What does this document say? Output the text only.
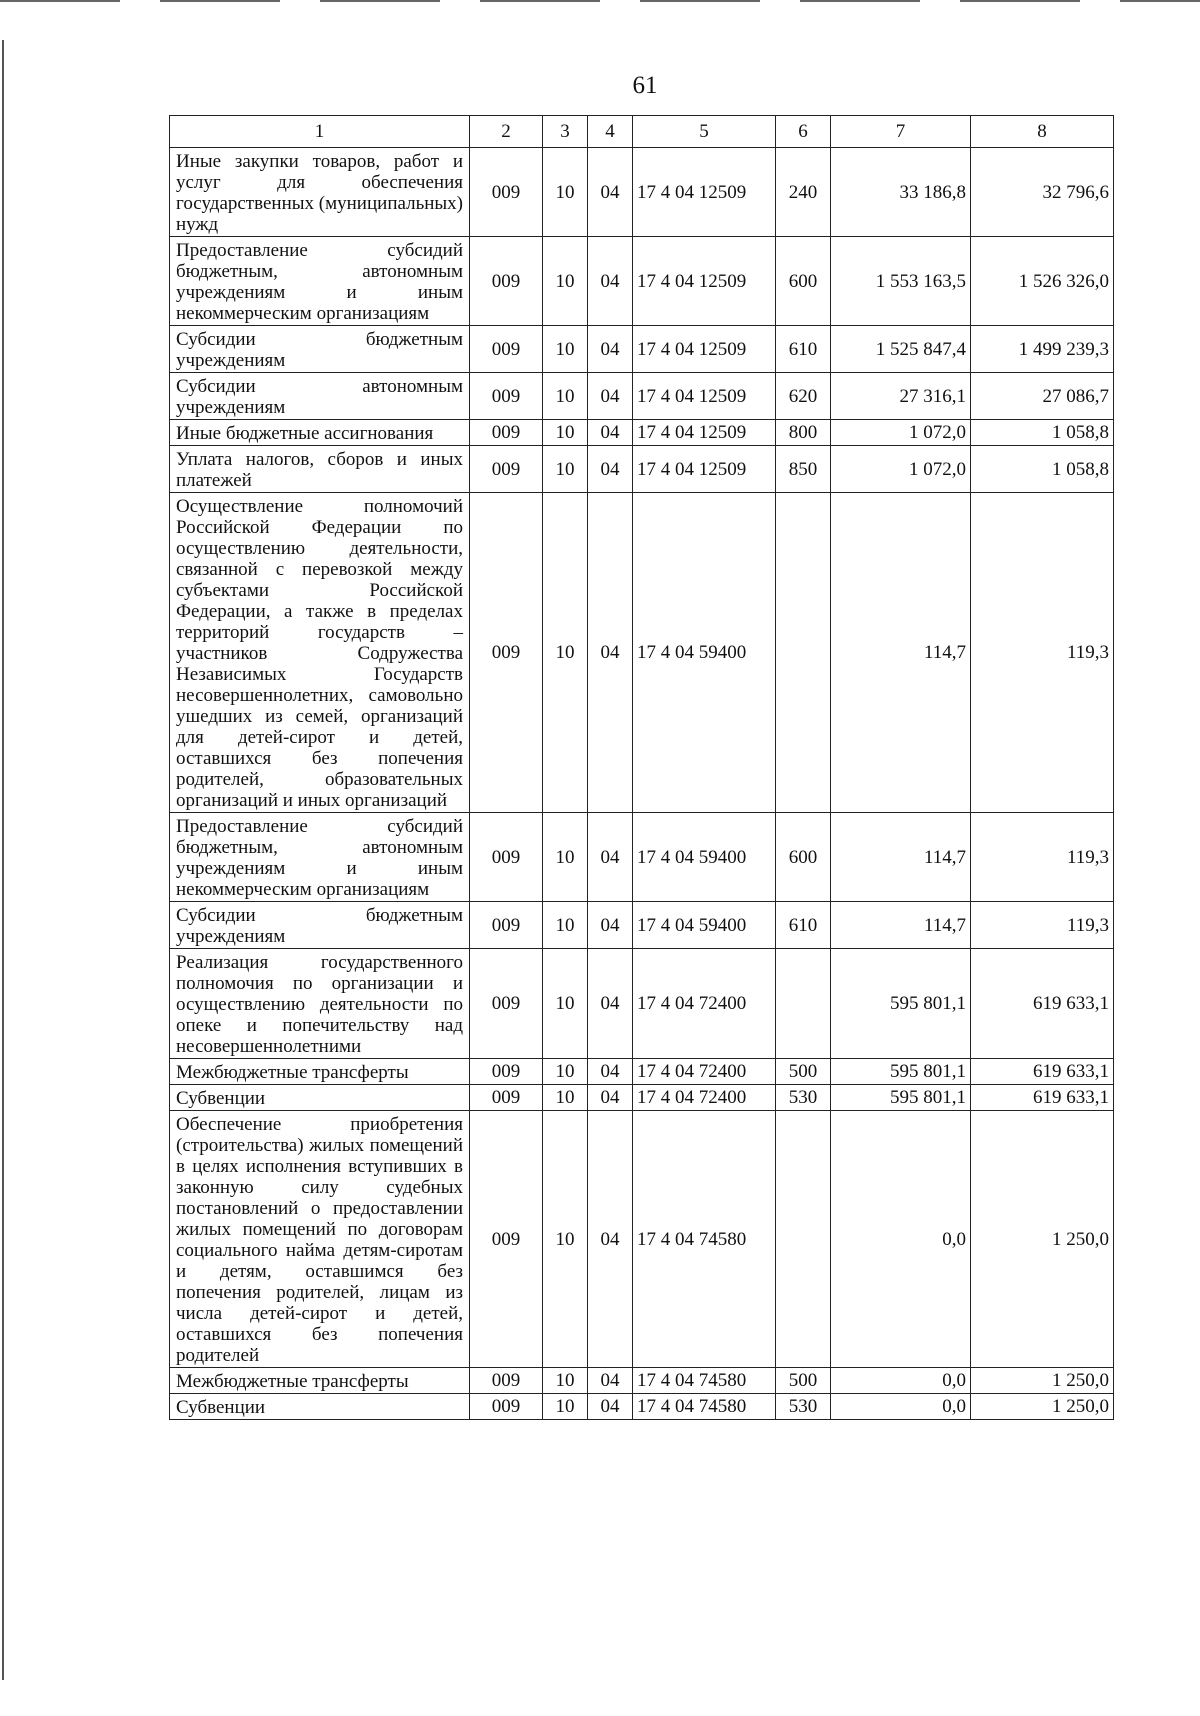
61
1	2	3	4	5	6	7	8
Иные закупки товаров, работ и услуг для обеспечения государственных (муниципальных) нужд	009	10	04	17 4 04 12509	240	33 186,8	32 796,6
Предоставление субсидий бюджетным, автономным учреждениям и иным некоммерческим организациям	009	10	04	17 4 04 12509	600	1 553 163,5	1 526 326,0
Субсидии бюджетным учреждениям	009	10	04	17 4 04 12509	610	1 525 847,4	1 499 239,3
Субсидии автономным учреждениям	009	10	04	17 4 04 12509	620	27 316,1	27 086,7
Иные бюджетные ассигнования	009	10	04	17 4 04 12509	800	1 072,0	1 058,8
Уплата налогов, сборов и иных платежей	009	10	04	17 4 04 12509	850	1 072,0	1 058,8
Осуществление полномочий Российской Федерации по осуществлению деятельности, связанной с перевозкой между субъектами Российской Федерации, а также в пределах территорий государств – участников Содружества Независимых Государств несовершеннолетних, самовольно ушедших из семей, организаций для детей-сирот и детей, оставшихся без попечения родителей, образовательных организаций и иных организаций	009	10	04	17 4 04 59400		114,7	119,3
Предоставление субсидий бюджетным, автономным учреждениям и иным некоммерческим организациям	009	10	04	17 4 04 59400	600	114,7	119,3
Субсидии бюджетным учреждениям	009	10	04	17 4 04 59400	610	114,7	119,3
Реализация государственного полномочия по организации и осуществлению деятельности по опеке и попечительству над несовершеннолетними	009	10	04	17 4 04 72400		595 801,1	619 633,1
Межбюджетные трансферты	009	10	04	17 4 04 72400	500	595 801,1	619 633,1
Субвенции	009	10	04	17 4 04 72400	530	595 801,1	619 633,1
Обеспечение приобретения (строительства) жилых помещений в целях исполнения вступивших в законную силу судебных постановлений о предоставлении жилых помещений по договорам социального найма детям-сиротам и детям, оставшимся без попечения родителей, лицам из числа детей-сирот и детей, оставшихся без попечения родителей	009	10	04	17 4 04 74580		0,0	1 250,0
Межбюджетные трансферты	009	10	04	17 4 04 74580	500	0,0	1 250,0
Субвенции	009	10	04	17 4 04 74580	530	0,0	1 250,0
